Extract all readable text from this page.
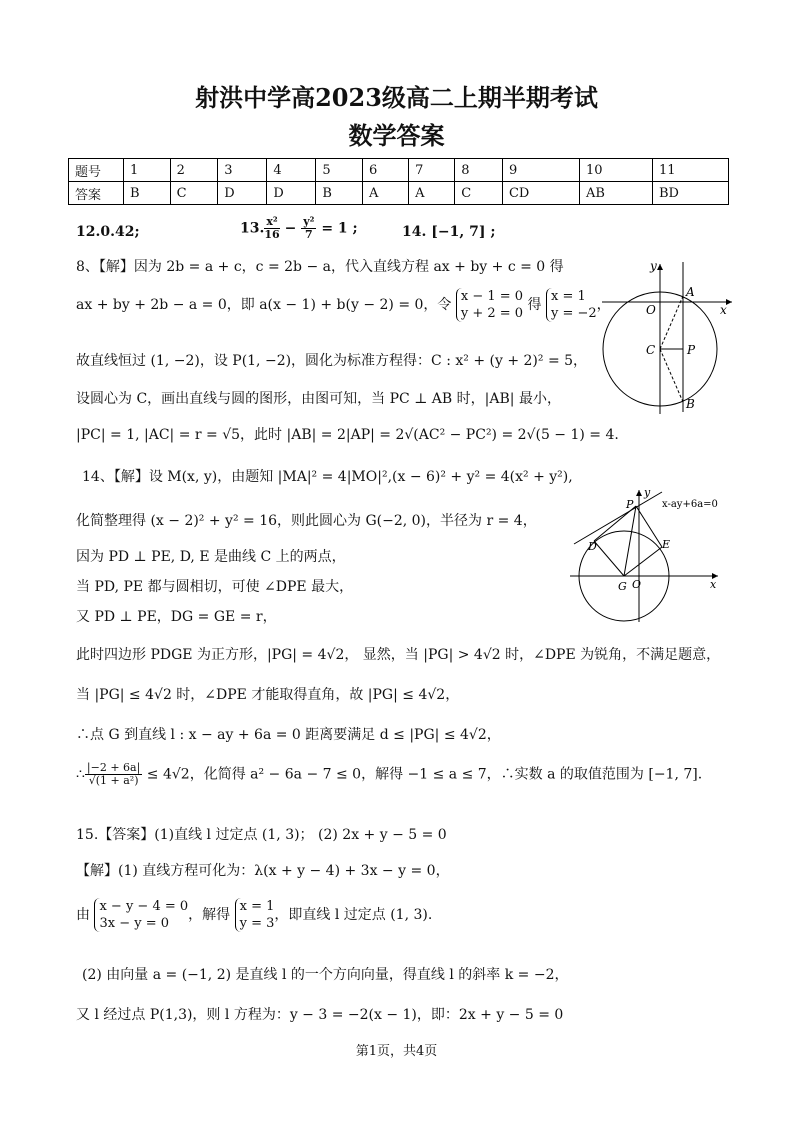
射洪中学高2023级高二上期半期考试
数学答案
题号	1	2	3	4	5	6	7	8	9	10	11
答案	B	C	D	D	B	A	A	C	CD	AB	BD
12.0.42;	13. $\frac{\text{x²}}{16} - \frac{\text{y²}}{7} = 1$ ;	14. [−1, 7] ;
8、【解】因为 2b = a + c，c = 2b − a，代入直线方程 ax + by + c = 0 得
ax + by + 2b − a = 0，即 a(x − 1) + b(y − 2) = 0，令 x − 1 = 0
y + 2 = 0 得 x = 1
y = −2，
故直线恒过 (1, −2)，设 P(1, −2)，圆化为标准方程得：C : x² + (y + 2)² = 5，
设圆心为 C，画出直线与圆的图形，由图可知，当 PC ⊥ AB 时，|AB| 最小，
|PC| = 1, |AC| = r = √5，此时 |AB| = 2|AP| = 2√(AC² − PC²) = 2√(5 − 1) = 4.
y
x
O
A
C	P
B
14、【解】设 M(x, y)，由题知 |MA|² = 4|MO|²,(x − 6)² + y² = 4(x² + y²),
化简整理得 (x − 2)² + y² = 16，则此圆心为 G(−2, 0)，半径为 r = 4，
因为 PD ⊥ PE, D, E 是曲线 C 上的两点，
当 PD, PE 都与圆相切，可使 ∠DPE 最大，
又 PD ⊥ PE，DG = GE = r，
此时四边形 PDGE 为正方形，|PG| = 4√2， 显然，当 |PG| > 4√2 时，∠DPE 为锐角，不满足题意，
当 |PG| ≤ 4√2 时，∠DPE 才能取得直角，故 |PG| ≤ 4√2，
∴点 G 到直线 l : x − ay + 6a = 0 距离要满足 d ≤ |PG| ≤ 4√2，
∴ $\frac{|-2 + 6a|}{\text{√(1 + a²)}} \le 4√2$，化简得 a² − 6a − 7 ≤ 0，解得 −1 ≤ a ≤ 7，∴实数 a 的取值范围为 [−1, 7].
y
x
O
G
D	E
P	x-ay+6a=0
15.【答案】(1)直线 l 过定点 (1, 3)； (2) 2x + y − 5 = 0
【解】(1) 直线方程可化为：λ(x + y − 4) + 3x − y = 0，
由 x − y − 4 = 0
3x − y = 0，解得 x = 1
y = 3，即直线 l 过定点 (1, 3).
(2) 由向量 a = (−1, 2) 是直线 l 的一个方向向量，得直线 l 的斜率 k = −2，
又 l 经过点 P(1,3)，则 l 方程为：y − 3 = −2(x − 1)，即：2x + y − 5 = 0
第1页，共4页
